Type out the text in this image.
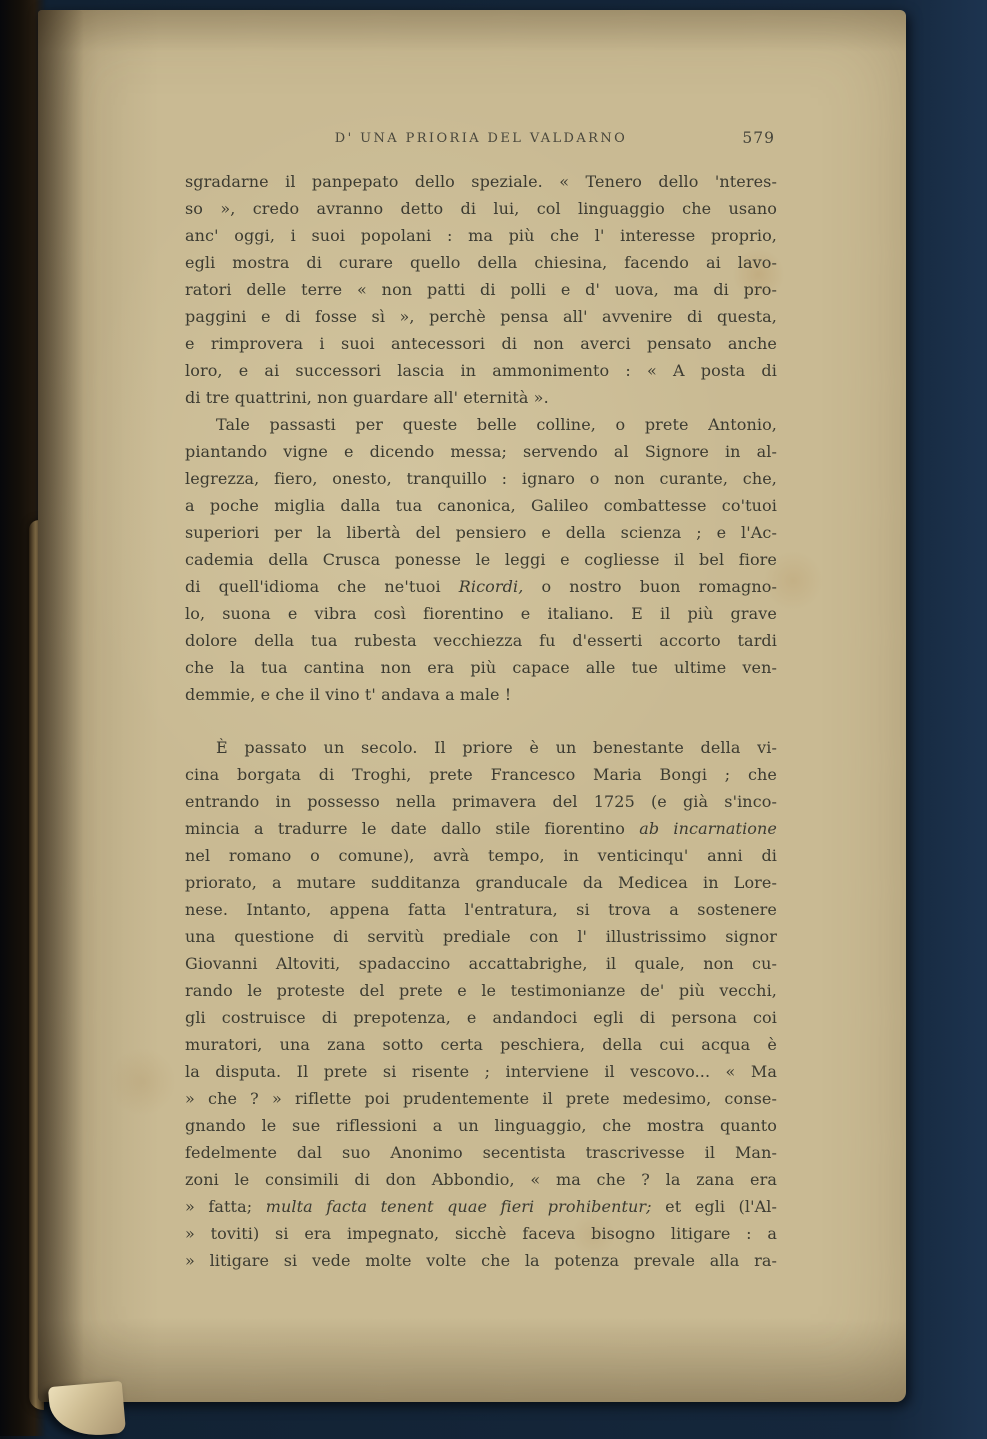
D' UNA PRIORIA DEL VALDARNO	579
sgradarne il panpepato dello speziale. « Tenero dello 'nteres-
so », credo avranno detto di lui, col linguaggio che usano
anc' oggi, i suoi popolani : ma più che l' interesse proprio,
egli mostra di curare quello della chiesina, facendo ai lavo-
ratori delle terre « non patti di polli e d' uova, ma di pro-
paggini e di fosse sì », perchè pensa all' avvenire di questa,
e rimprovera i suoi antecessori di non averci pensato anche
loro, e ai successori lascia in ammonimento : « A posta di
di tre quattrini, non guardare all' eternità ».
Tale passasti per queste belle colline, o prete Antonio,
piantando vigne e dicendo messa; servendo al Signore in al-
legrezza, fiero, onesto, tranquillo : ignaro o non curante, che,
a poche miglia dalla tua canonica, Galileo combattesse co'tuoi
superiori per la libertà del pensiero e della scienza ; e l'Ac-
cademia della Crusca ponesse le leggi e cogliesse il bel fiore
di quell'idioma che ne'tuoi Ricordi, o nostro buon romagno-
lo, suona e vibra così fiorentino e italiano. E il più grave
dolore della tua rubesta vecchiezza fu d'esserti accorto tardi
che la tua cantina non era più capace alle tue ultime ven-
demmie, e che il vino t' andava a male !
È passato un secolo. Il priore è un benestante della vi-
cina borgata di Troghi, prete Francesco Maria Bongi ; che
entrando in possesso nella primavera del 1725 (e già s'inco-
mincia a tradurre le date dallo stile fiorentino ab incarnatione
nel romano o comune), avrà tempo, in venticinqu' anni di
priorato, a mutare sudditanza granducale da Medicea in Lore-
nese. Intanto, appena fatta l'entratura, si trova a sostenere
una questione di servitù prediale con l' illustrissimo signor
Giovanni Altoviti, spadaccino accattabrighe, il quale, non cu-
rando le proteste del prete e le testimonianze de' più vecchi,
gli costruisce di prepotenza, e andandoci egli di persona coi
muratori, una zana sotto certa peschiera, della cui acqua è
la disputa. Il prete si risente ; interviene il vescovo... « Ma
» che ? » riflette poi prudentemente il prete medesimo, conse-
gnando le sue riflessioni a un linguaggio, che mostra quanto
fedelmente dal suo Anonimo secentista trascrivesse il Man-
zoni le consimili di don Abbondio, « ma che ? la zana era
» fatta; multa facta tenent quae fieri prohibentur; et egli (l'Al-
» toviti) si era impegnato, sicchè faceva bisogno litigare : a
» litigare si vede molte volte che la potenza prevale alla ra-
